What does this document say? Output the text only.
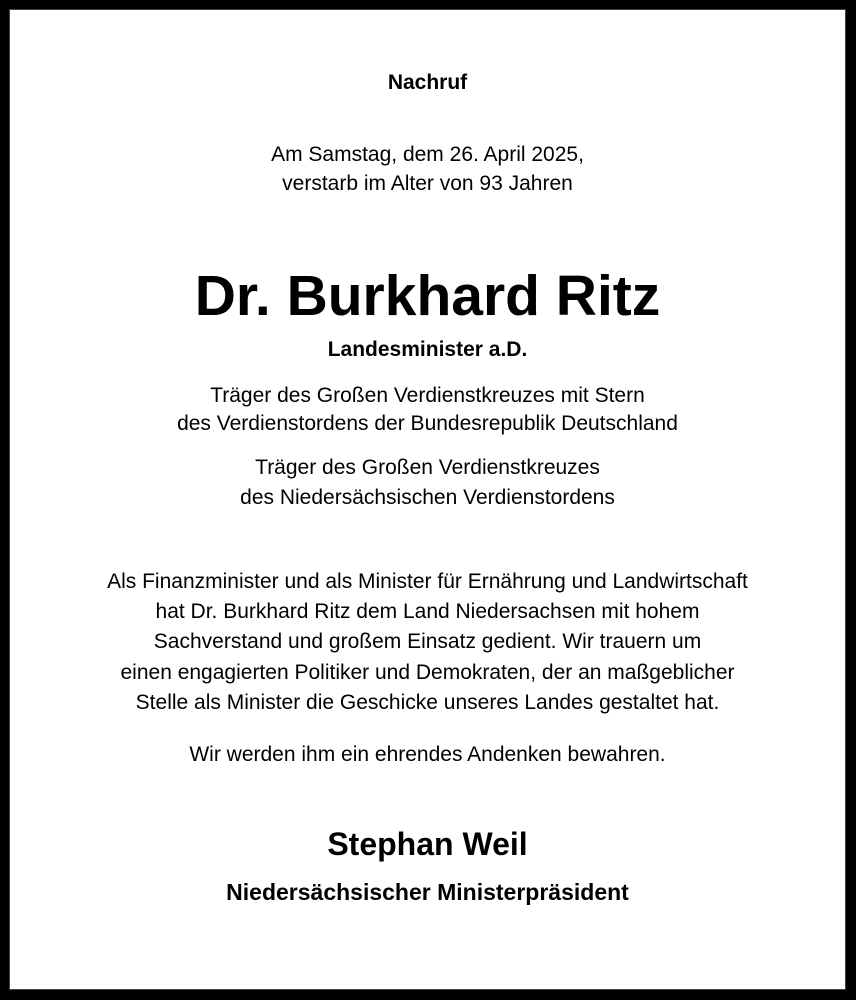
Nachruf
Am Samstag, dem 26. April 2025,
verstarb im Alter von 93 Jahren
Dr. Burkhard Ritz
Landesminister a.D.
Träger des Großen Verdienstkreuzes mit Stern
des Verdienstordens der Bundesrepublik Deutschland
Träger des Großen Verdienstkreuzes
des Niedersächsischen Verdienstordens
Als Finanzminister und als Minister für Ernährung und Landwirtschaft
hat Dr. Burkhard Ritz dem Land Niedersachsen mit hohem
Sachverstand und großem Einsatz gedient. Wir trauern um
einen engagierten Politiker und Demokraten, der an maßgeblicher
Stelle als Minister die Geschicke unseres Landes gestaltet hat.
Wir werden ihm ein ehrendes Andenken bewahren.
Stephan Weil
Niedersächsischer Ministerpräsident
